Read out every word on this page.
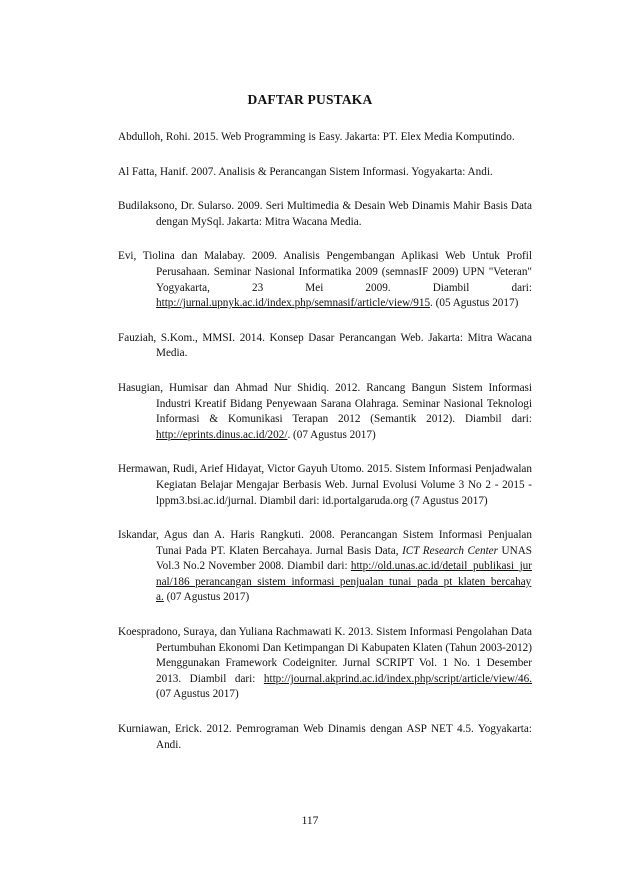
DAFTAR PUSTAKA

Abdulloh, Rohi. 2015. Web Programming is Easy. Jakarta: PT. Elex Media Komputindo.

Al Fatta, Hanif. 2007. Analisis & Perancangan Sistem Informasi. Yogyakarta: Andi.

Budilaksono, Dr. Sularso. 2009. Seri Multimedia & Desain Web Dinamis Mahir Basis Data dengan MySql. Jakarta: Mitra Wacana Media.

Evi, Tiolina dan Malabay. 2009. Analisis Pengembangan Aplikasi Web Untuk Profil Perusahaan. Seminar Nasional Informatika 2009 (semnasIF 2009) UPN "Veteran" Yogyakarta, 23 Mei 2009. Diambil dari: http://jurnal.upnyk.ac.id/index.php/semnasif/article/view/915. (05 Agustus 2017)

Fauziah, S.Kom., MMSI. 2014. Konsep Dasar Perancangan Web. Jakarta: Mitra Wacana Media.

Hasugian, Humisar dan Ahmad Nur Shidiq. 2012. Rancang Bangun Sistem Informasi Industri Kreatif Bidang Penyewaan Sarana Olahraga. Seminar Nasional Teknologi Informasi & Komunikasi Terapan 2012 (Semantik 2012). Diambil dari: http://eprints.dinus.ac.id/202/. (07 Agustus 2017)

Hermawan, Rudi, Arief Hidayat, Victor Gayuh Utomo. 2015. Sistem Informasi Penjadwalan Kegiatan Belajar Mengajar Berbasis Web. Jurnal Evolusi Volume 3 No 2 - 2015 - lppm3.bsi.ac.id/jurnal. Diambil dari: id.portalgaruda.org (7 Agustus 2017)

Iskandar, Agus dan A. Haris Rangkuti. 2008. Perancangan Sistem Informasi Penjualan Tunai Pada PT. Klaten Bercahaya. Jurnal Basis Data, ICT Research Center UNAS Vol.3 No.2 November 2008. Diambil dari: http://old.unas.ac.id/detail_publikasi_jurnal/186_perancangan_sistem_informasi_penjualan_tunai_pada_pt_klaten_bercahaya. (07 Agustus 2017)

Koespradono, Suraya, dan Yuliana Rachmawati K. 2013. Sistem Informasi Pengolahan Data Pertumbuhan Ekonomi Dan Ketimpangan Di Kabupaten Klaten (Tahun 2003-2012) Menggunakan Framework Codeigniter. Jurnal SCRIPT Vol. 1 No. 1 Desember 2013. Diambil dari: http://journal.akprind.ac.id/index.php/script/article/view/46. (07 Agustus 2017)

Kurniawan, Erick. 2012. Pemrograman Web Dinamis dengan ASP NET 4.5. Yogyakarta: Andi.

117
